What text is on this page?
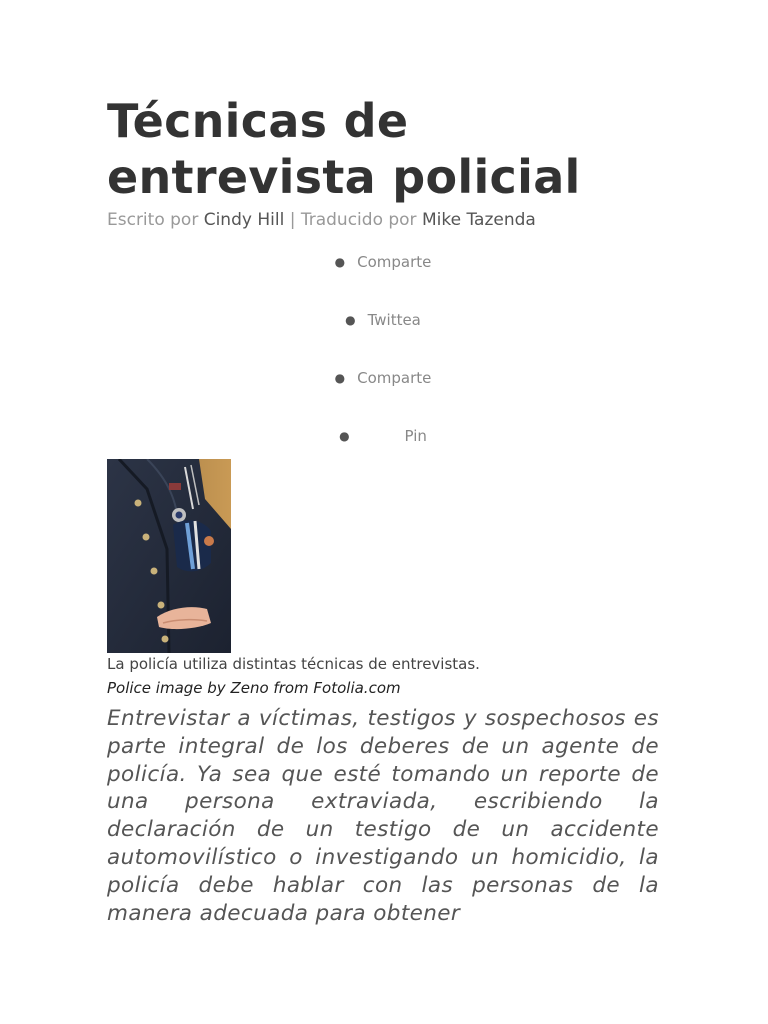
Técnicas de entrevista policial
Escrito por Cindy Hill | Traducido por Mike Tazenda
● Comparte
● Twittea
● Comparte
●	Pin
La policía utiliza distintas técnicas de entrevistas.
Police image by Zeno from Fotolia.com

Entrevistar a víctimas, testigos y sospechosos es parte integral de los deberes de un agente de policía. Ya sea que esté tomando un reporte de una persona extraviada, escribiendo la declaración de un testigo de un accidente automovilístico o investigando un homicidio, la policía debe hablar con las personas de la manera adecuada para obtener
